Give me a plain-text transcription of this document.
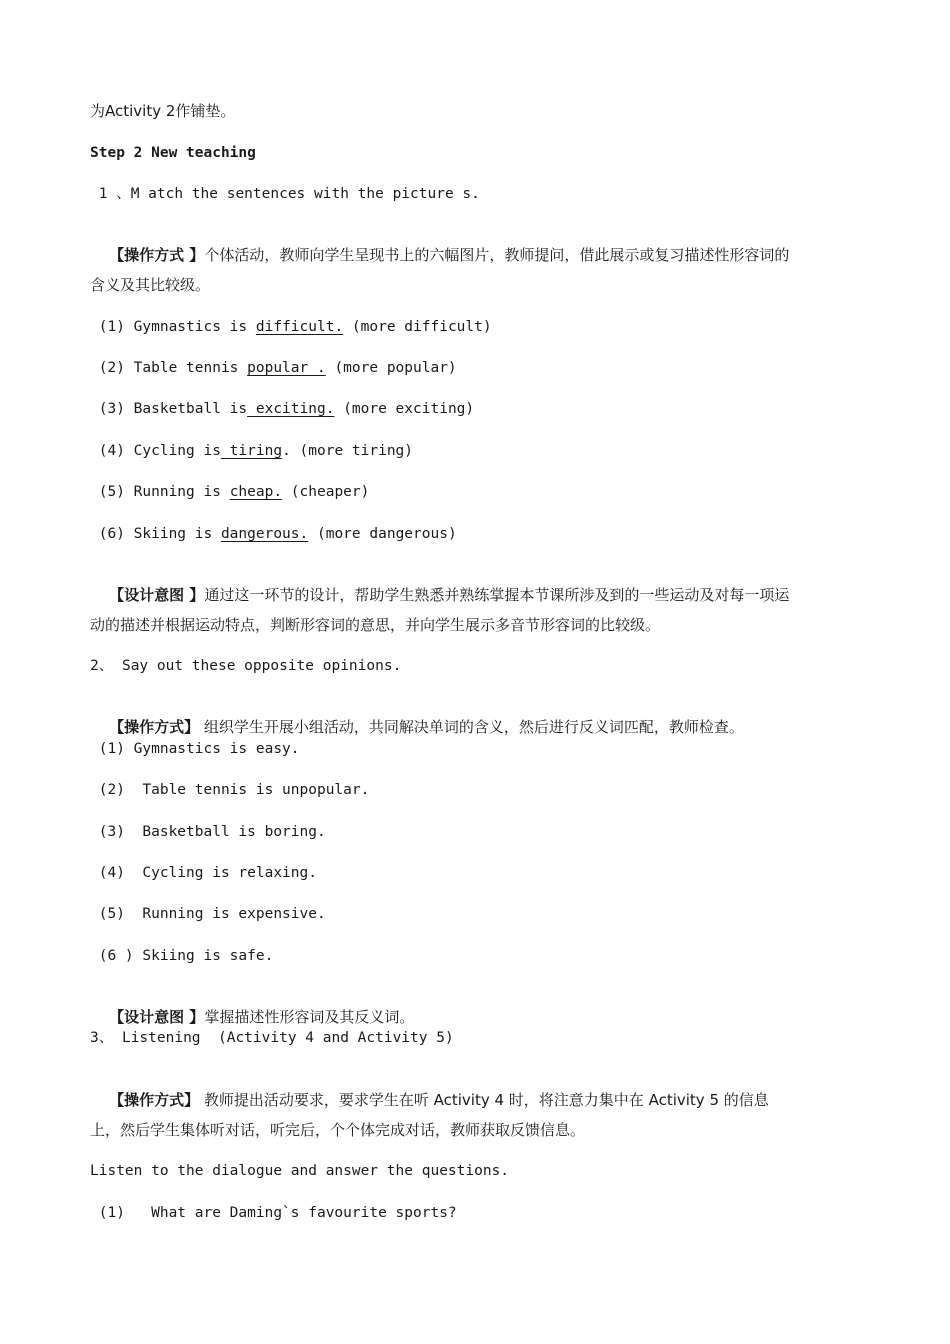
为Activity 2作铺垫。
Step 2 New teaching
1 、M atch the sentences with the picture s.

【操作方式 】个体活动，教师向学生呈现书上的六幅图片，教师提问，借此展示或复习描述性形容词的

含义及其比较级。
(1) Gymnastics is difficult. (more difficult)
(2) Table tennis popular . (more popular)
(3) Basketball is exciting. (more exciting)
(4) Cycling is tiring. (more tiring)
(5) Running is cheap. (cheaper)
(6) Skiing is dangerous. (more dangerous)

【设计意图 】通过这一环节的设计，帮助学生熟悉并熟练掌握本节课所涉及到的一些运动及对每一项运

动的描述并根据运动特点，判断形容词的意思，并向学生展示多音节形容词的比较级。
2、 Say out these opposite opinions.

【操作方式】 组织学生开展小组活动，共同解决单词的含义，然后进行反义词匹配，教师检查。

(1) Gymnastics is easy.
(2)  Table tennis is unpopular.
(3)  Basketball is boring.
(4)  Cycling is relaxing.
(5)  Running is expensive.
(6 ) Skiing is safe.

【设计意图 】掌握描述性形容词及其反义词。

3、 Listening  (Activity 4 and Activity 5)

【操作方式】 教师提出活动要求，要求学生在听 Activity 4 时，将注意力集中在 Activity 5 的信息

上，然后学生集体听对话，听完后，个个体完成对话，教师获取反馈信息。
Listen to the dialogue and answer the questions.
(1)   What are Daming`s favourite sports?
